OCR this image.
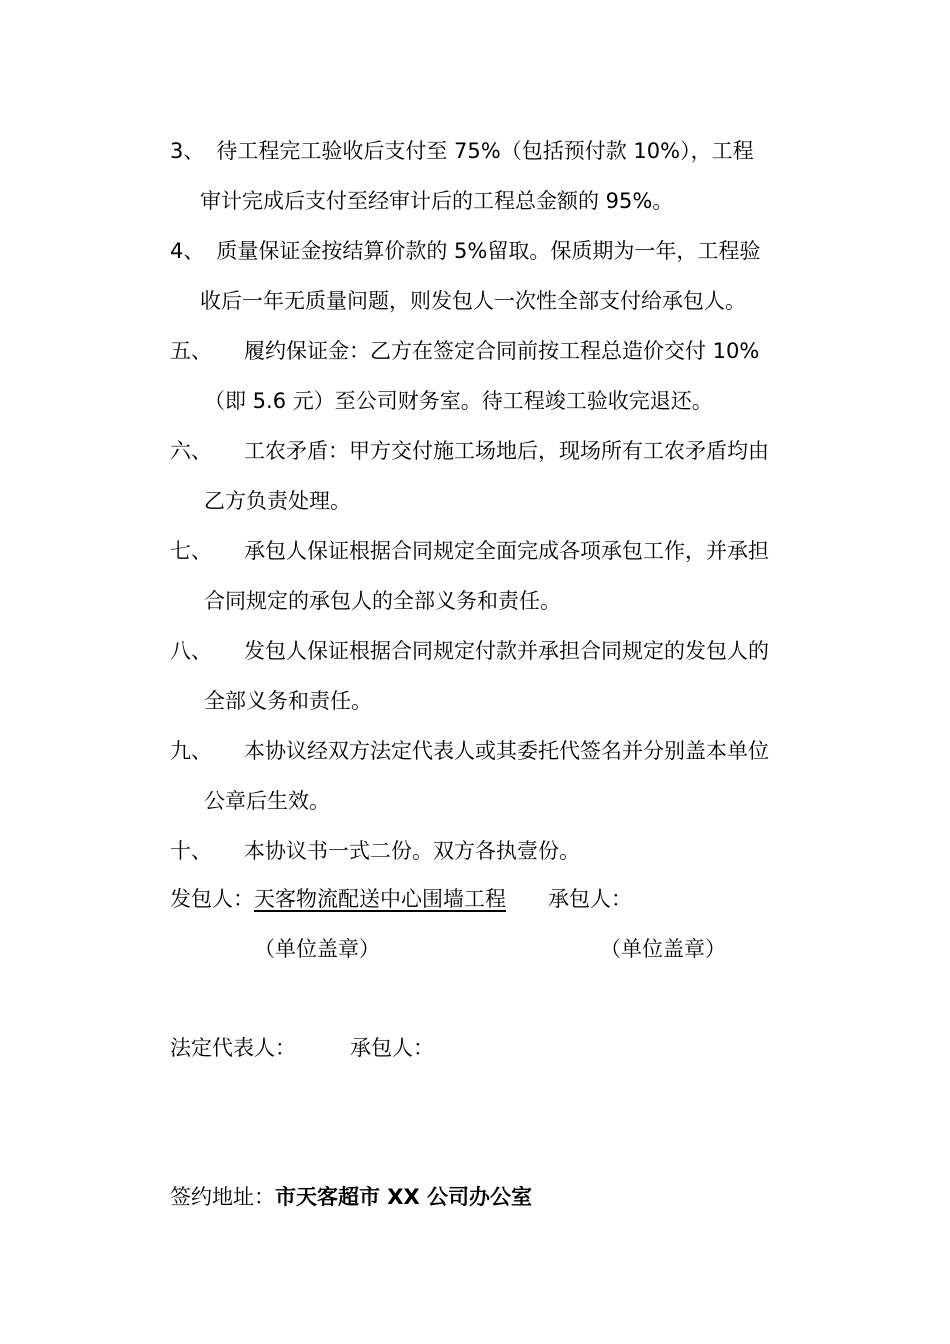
3、 待工程完工验收后支付至 75%（包括预付款 10%），工程
审计完成后支付至经审计后的工程总金额的 95%。
4、 质量保证金按结算价款的 5%留取。保质期为一年，工程验
收后一年无质量问题，则发包人一次性全部支付给承包人。
五、 履约保证金：乙方在签定合同前按工程总造价交付 10%
（即 5.6 元）至公司财务室。待工程竣工验收完退还。
六、 工农矛盾：甲方交付施工场地后，现场所有工农矛盾均由
乙方负责处理。
七、 承包人保证根据合同规定全面完成各项承包工作，并承担
合同规定的承包人的全部义务和责任。
八、 发包人保证根据合同规定付款并承担合同规定的发包人的
全部义务和责任。
九、 本协议经双方法定代表人或其委托代签名并分别盖本单位
公章后生效。
十、 本协议书一式二份。双方各执壹份。
发包人：天客物流配送中心围墙工程 承包人：
（单位盖章）	（单位盖章）
法定代表人：	承包人：
签约地址：市天客超市 XX 公司办公室
